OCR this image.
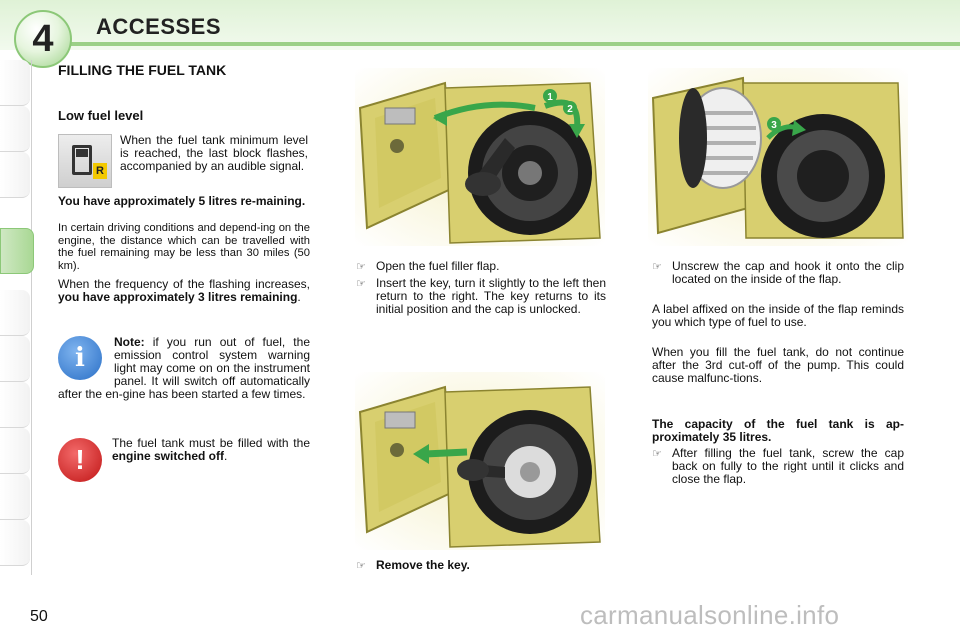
4 ACCESSES
FILLING THE FUEL TANK
Low fuel level
R

When the fuel tank minimum level is reached, the last block flashes, accompanied by an audible signal.

You have approximately 5 litres re-maining.

In certain driving conditions and depend-ing on the engine, the distance which can be travelled with the fuel remaining may be less than 30 miles (50 km).

When the frequency of the flashing increases, you have approximately 3 litres remaining.

i

Note: if you run out of fuel, the emission control system warning light may come on on the instrument panel. It will switch off automatically after the en-gine has been started a few times.

!

The fuel tank must be filled with the engine switched off.

50
1
2
3
☞ Open the fuel filler flap.
☞ Insert the key, turn it slightly to the left then return to the right. The key returns to its initial position and the cap is unlocked.
☞ Remove the key.
☞ Unscrew the cap and hook it onto the clip located on the inside of the flap.

A label affixed on the inside of the flap reminds you which type of fuel to use.

When you fill the fuel tank, do not continue after the 3rd cut-off of the pump. This could cause malfunc-tions.

The capacity of the fuel tank is ap-proximately 35 litres.

☞ After filling the fuel tank, screw the cap back on fully to the right until it clicks and close the flap.
carmanualsonline.info
